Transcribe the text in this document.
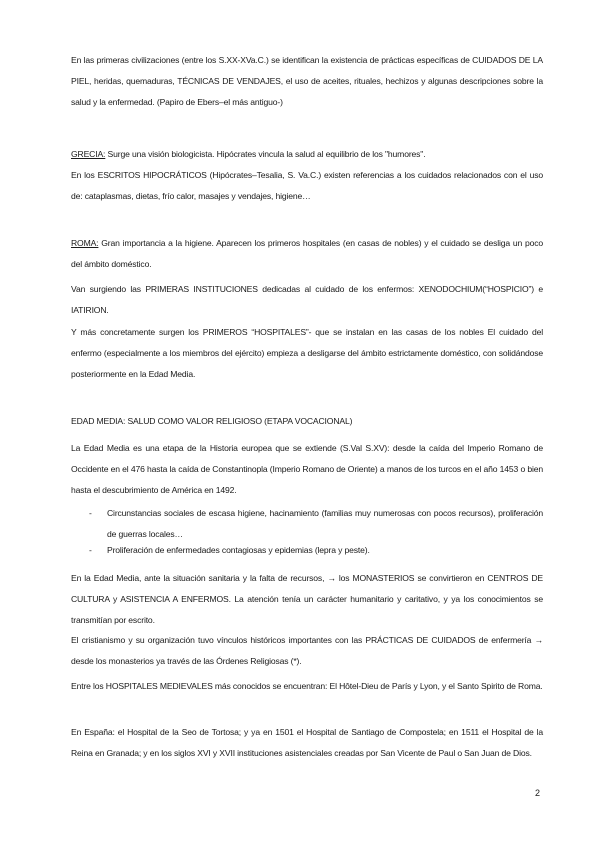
En las primeras civilizaciones (entre los S.XX-XVa.C.) se identifican la existencia de prácticas específicas de CUIDADOS DE LA PIEL, heridas, quemaduras, TÉCNICAS DE VENDAJES, el uso de aceites, rituales, hechizos y algunas descripciones sobre la salud y la enfermedad. (Papiro de Ebers–el más antiguo-)
GRECIA: Surge una visión biologicista. Hipócrates vincula la salud al equilibrio de los "humores".
En los ESCRITOS HIPOCRÁTICOS (Hipócrates–Tesalia, S. Va.C.) existen referencias a los cuidados relacionados con el uso de: cataplasmas, dietas, frío calor, masajes y vendajes, higiene…
ROMA: Gran importancia a la higiene. Aparecen los primeros hospitales (en casas de nobles) y el cuidado se desliga un poco del ámbito doméstico.
Van surgiendo las PRIMERAS INSTITUCIONES dedicadas al cuidado de los enfermos: XENODOCHIUM(“HOSPICIO”) e IATIRION.
Y más concretamente surgen los PRIMEROS “HOSPITALES”- que se instalan en las casas de los nobles El cuidado del enfermo (especialmente a los miembros del ejército) empieza a desligarse del ámbito estrictamente doméstico, con solidándose posteriormente en la Edad Media.
EDAD MEDIA: SALUD COMO VALOR RELIGIOSO (ETAPA VOCACIONAL)
La Edad Media es una etapa de la Historia europea que se extiende (S.Val S.XV): desde la caída del Imperio Romano de Occidente en el 476 hasta la caída de Constantinopla (Imperio Romano de Oriente) a manos de los turcos en el año 1453 o bien hasta el descubrimiento de América en 1492.
- Circunstancias sociales de escasa higiene, hacinamiento (familias muy numerosas con pocos recursos), proliferación de guerras locales…
- Proliferación de enfermedades contagiosas y epidemias (lepra y peste).
En la Edad Media, ante la situación sanitaria y la falta de recursos, → los MONASTERIOS se convirtieron en CENTROS DE CULTURA y ASISTENCIA A ENFERMOS. La atención tenía un carácter humanitario y caritativo, y ya los conocimientos se transmitían por escrito.
El cristianismo y su organización tuvo vínculos históricos importantes con las PRÁCTICAS DE CUIDADOS de enfermería → desde los monasterios ya través de las Órdenes Religiosas (*).
Entre los HOSPITALES MEDIEVALES más conocidos se encuentran: El Hôtel-Dieu de París y Lyon, y el Santo Spirito de Roma.
En España: el Hospital de la Seo de Tortosa; y ya en 1501 el Hospital de Santiago de Compostela; en 1511 el Hospital de la Reina en Granada; y en los siglos XVI y XVII instituciones asistenciales creadas por San Vicente de Paul o San Juan de Dios.
2
